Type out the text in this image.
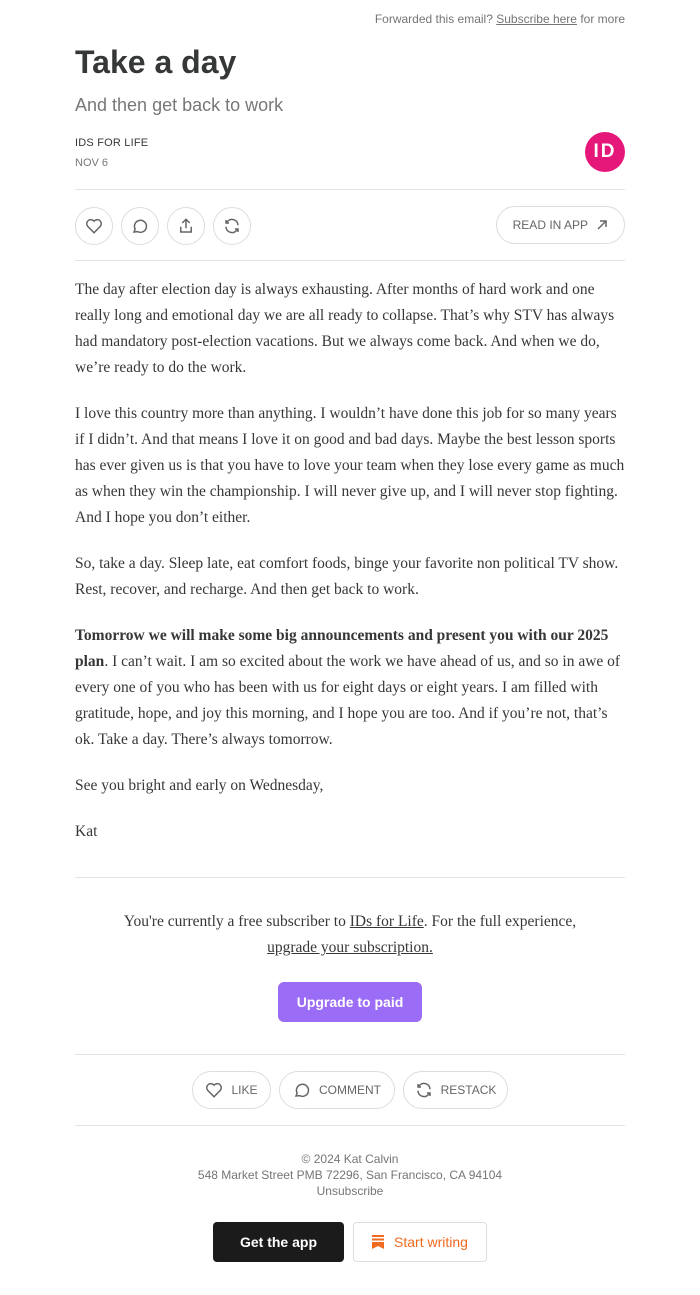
Forwarded this email? Subscribe here for more
Take a day
And then get back to work
IDS FOR LIFE
NOV 6
ID
READ IN APP

The day after election day is always exhausting. After months of hard work and one really long and emotional day we are all ready to collapse. That’s why STV has always had mandatory post-election vacations. But we always come back. And when we do, we’re ready to do the work.

I love this country more than anything. I wouldn’t have done this job for so many years if I didn’t. And that means I love it on good and bad days. Maybe the best lesson sports has ever given us is that you have to love your team when they lose every game as much as when they win the championship. I will never give up, and I will never stop fighting. And I hope you don’t either.

So, take a day. Sleep late, eat comfort foods, binge your favorite non political TV show. Rest, recover, and recharge. And then get back to work.

Tomorrow we will make some big announcements and present you with our 2025 plan. I can’t wait. I am so excited about the work we have ahead of us, and so in awe of every one of you who has been with us for eight days or eight years. I am filled with gratitude, hope, and joy this morning, and I hope you are too. And if you’re not, that’s ok. Take a day. There’s always tomorrow.

See you bright and early on Wednesday,

Kat

You're currently a free subscriber to IDs for Life. For the full experience,
upgrade your subscription.
Upgrade to paid
LIKE	COMMENT	RESTACK
© 2024 Kat Calvin
548 Market Street PMB 72296, San Francisco, CA 94104
Unsubscribe
Get the app	Start writing
